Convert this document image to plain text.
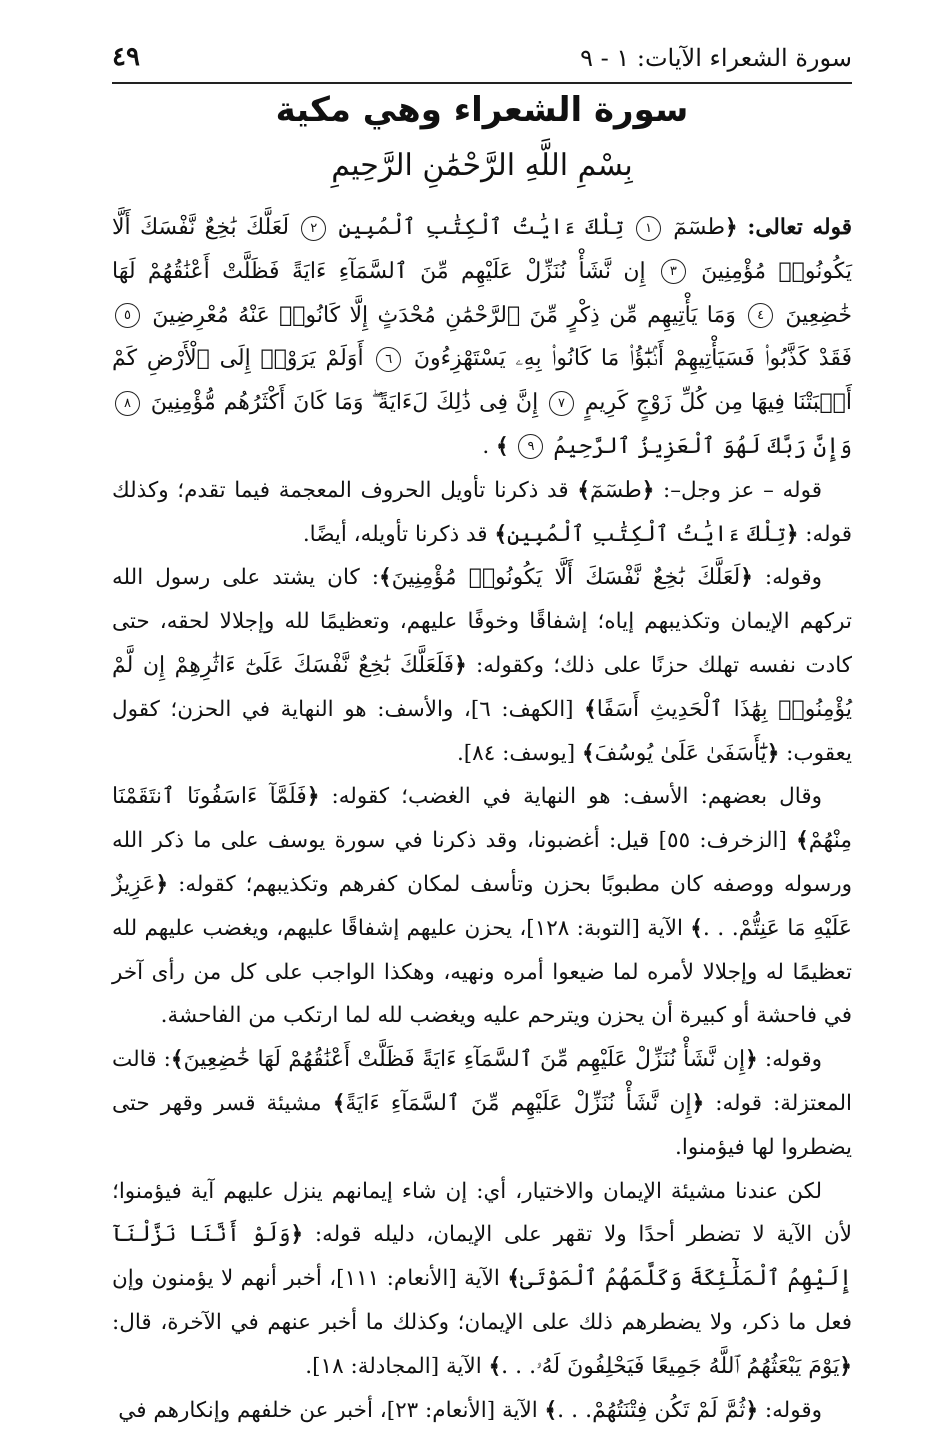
٤٩	سورة الشعراء الآيات: ١ - ٩
سورة الشعراء وهي مكية
بِسْمِ اللَّهِ الرَّحْمَٰنِ الرَّحِيمِ

قوله تعالى: ﴿طسٓمٓ ١ تِلْكَ ءَايَٰتُ ٱلْكِتَٰبِ ٱلْمُبِينِ ٢ لَعَلَّكَ بَٰخِعٌ نَّفْسَكَ أَلَّا يَكُونُوا۟ مُؤْمِنِينَ ٣ إِن نَّشَأْ نُنَزِّلْ عَلَيْهِم مِّنَ ٱلسَّمَآءِ ءَايَةً فَظَلَّتْ أَعْنَٰقُهُمْ لَهَا خَٰضِعِينَ ٤ وَمَا يَأْتِيهِم مِّن ذِكْرٍ مِّنَ ٱلرَّحْمَٰنِ مُحْدَثٍ إِلَّا كَانُوا۟ عَنْهُ مُعْرِضِينَ ٥ فَقَدْ كَذَّبُوا۟ فَسَيَأْتِيهِمْ أَنۢبَٰٓؤُا۟ مَا كَانُوا۟ بِهِۦ يَسْتَهْزِءُونَ ٦ أَوَلَمْ يَرَوْا۟ إِلَى ٱلْأَرْضِ كَمْ أَنۢبَتْنَا فِيهَا مِن كُلِّ زَوْجٍ كَرِيمٍ ٧ إِنَّ فِى ذَٰلِكَ لَءَايَةً ۖ وَمَا كَانَ أَكْثَرُهُم مُّؤْمِنِينَ ٨ وَإِنَّ رَبَّكَ لَهُوَ ٱلْعَزِيزُ ٱلرَّحِيمُ ٩ ﴾ .

قوله – عز وجل–: ﴿طسٓمٓ﴾ قد ذكرنا تأويل الحروف المعجمة فيما تقدم؛ وكذلك قوله: ﴿تِلْكَ ءَايَٰتُ ٱلْكِتَٰبِ ٱلْمُبِينِ﴾ قد ذكرنا تأويله، أيضًا.

وقوله: ﴿لَعَلَّكَ بَٰخِعٌ نَّفْسَكَ أَلَّا يَكُونُوا۟ مُؤْمِنِينَ﴾: كان يشتد على رسول الله تركهم الإيمان وتكذيبهم إياه؛ إشفاقًا وخوفًا عليهم، وتعظيمًا لله وإجلالا لحقه، حتى كادت نفسه تهلك حزنًا على ذلك؛ وكقوله: ﴿فَلَعَلَّكَ بَٰخِعٌ نَّفْسَكَ عَلَىٰٓ ءَاثَٰرِهِمْ إِن لَّمْ يُؤْمِنُوا۟ بِهَٰذَا ٱلْحَدِيثِ أَسَفًا﴾ [الكهف: ٦]، والأسف: هو النهاية في الحزن؛ كقول يعقوب: ﴿يَٰٓأَسَفَىٰ عَلَىٰ يُوسُفَ﴾ [يوسف: ٨٤].

وقال بعضهم: الأسف: هو النهاية في الغضب؛ كقوله: ﴿فَلَمَّآ ءَاسَفُونَا ٱنتَقَمْنَا مِنْهُمْ﴾ [الزخرف: ٥٥] قيل: أغضبونا، وقد ذكرنا في سورة يوسف على ما ذكر الله ورسوله ووصفه كان مطبوبًا بحزن وتأسف لمكان كفرهم وتكذيبهم؛ كقوله: ﴿عَزِيزٌ عَلَيْهِ مَا عَنِتُّمْ. . .﴾ الآية [التوبة: ١٢٨]، يحزن عليهم إشفاقًا عليهم، ويغضب عليهم لله تعظيمًا له وإجلالا لأمره لما ضيعوا أمره ونهيه، وهكذا الواجب على كل من رأى آخر في فاحشة أو كبيرة أن يحزن ويترحم عليه ويغضب لله لما ارتكب من الفاحشة.

وقوله: ﴿إِن نَّشَأْ نُنَزِّلْ عَلَيْهِم مِّنَ ٱلسَّمَآءِ ءَايَةً فَظَلَّتْ أَعْنَٰقُهُمْ لَهَا خَٰضِعِينَ﴾: قالت المعتزلة: قوله: ﴿إِن نَّشَأْ نُنَزِّلْ عَلَيْهِم مِّنَ ٱلسَّمَآءِ ءَايَةً﴾ مشيئة قسر وقهر حتى يضطروا لها فيؤمنوا.

لكن عندنا مشيئة الإيمان والاختيار، أي: إن شاء إيمانهم ينزل عليهم آية فيؤمنوا؛ لأن الآية لا تضطر أحدًا ولا تقهر على الإيمان، دليله قوله: ﴿وَلَوْ أَنَّنَا نَزَّلْنَآ إِلَيْهِمُ ٱلْمَلَٰٓئِكَةَ وَكَلَّمَهُمُ ٱلْمَوْتَىٰ﴾ الآية [الأنعام: ١١١]، أخبر أنهم لا يؤمنون وإن فعل ما ذكر، ولا يضطرهم ذلك على الإيمان؛ وكذلك ما أخبر عنهم في الآخرة، قال: ﴿يَوْمَ يَبْعَثُهُمُ ٱللَّهُ جَمِيعًا فَيَحْلِفُونَ لَهُۥ. . .﴾ الآية [المجادلة: ١٨].

وقوله: ﴿ثُمَّ لَمْ تَكُن فِتْنَتُهُمْ. . .﴾ الآية [الأنعام: ٢٣]، أخبر عن خلفهم وإنكارهم في
